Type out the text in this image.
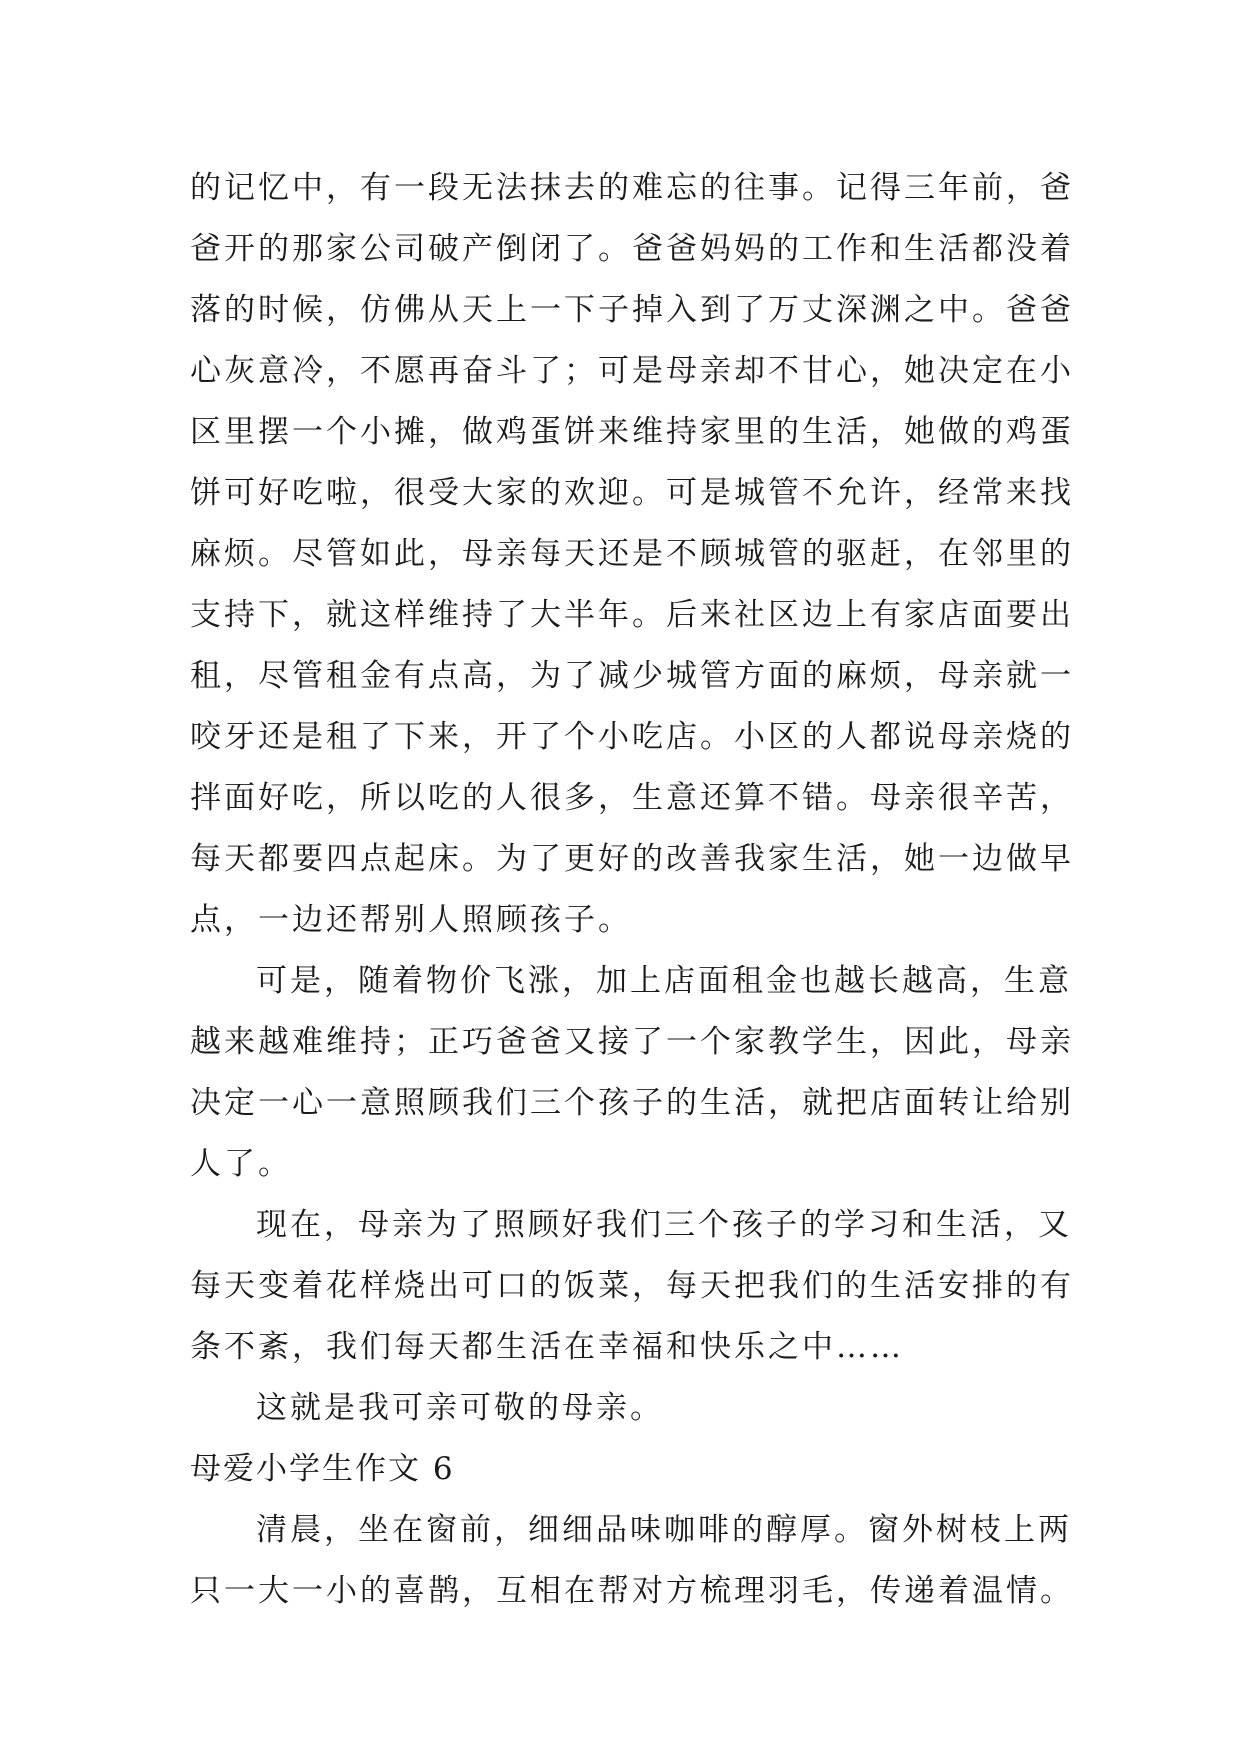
的记忆中，有一段无法抹去的难忘的往事。记得三年前，爸
爸开的那家公司破产倒闭了。爸爸妈妈的工作和生活都没着
落的时候，仿佛从天上一下子掉入到了万丈深渊之中。爸爸
心灰意冷，不愿再奋斗了；可是母亲却不甘心，她决定在小
区里摆一个小摊，做鸡蛋饼来维持家里的生活，她做的鸡蛋
饼可好吃啦，很受大家的欢迎。可是城管不允许，经常来找
麻烦。尽管如此，母亲每天还是不顾城管的驱赶，在邻里的
支持下，就这样维持了大半年。后来社区边上有家店面要出
租，尽管租金有点高，为了减少城管方面的麻烦，母亲就一
咬牙还是租了下来，开了个小吃店。小区的人都说母亲烧的
拌面好吃，所以吃的人很多，生意还算不错。母亲很辛苦，
每天都要四点起床。为了更好的改善我家生活，她一边做早
点，一边还帮别人照顾孩子。
可是，随着物价飞涨，加上店面租金也越长越高，生意
越来越难维持；正巧爸爸又接了一个家教学生，因此，母亲
决定一心一意照顾我们三个孩子的生活，就把店面转让给别
人了。
现在，母亲为了照顾好我们三个孩子的学习和生活，又
每天变着花样烧出可口的饭菜，每天把我们的生活安排的有
条不紊，我们每天都生活在幸福和快乐之中……
这就是我可亲可敬的母亲。
母爱小学生作文 6
清晨，坐在窗前，细细品味咖啡的醇厚。窗外树枝上两
只一大一小的喜鹊，互相在帮对方梳理羽毛，传递着温情。
